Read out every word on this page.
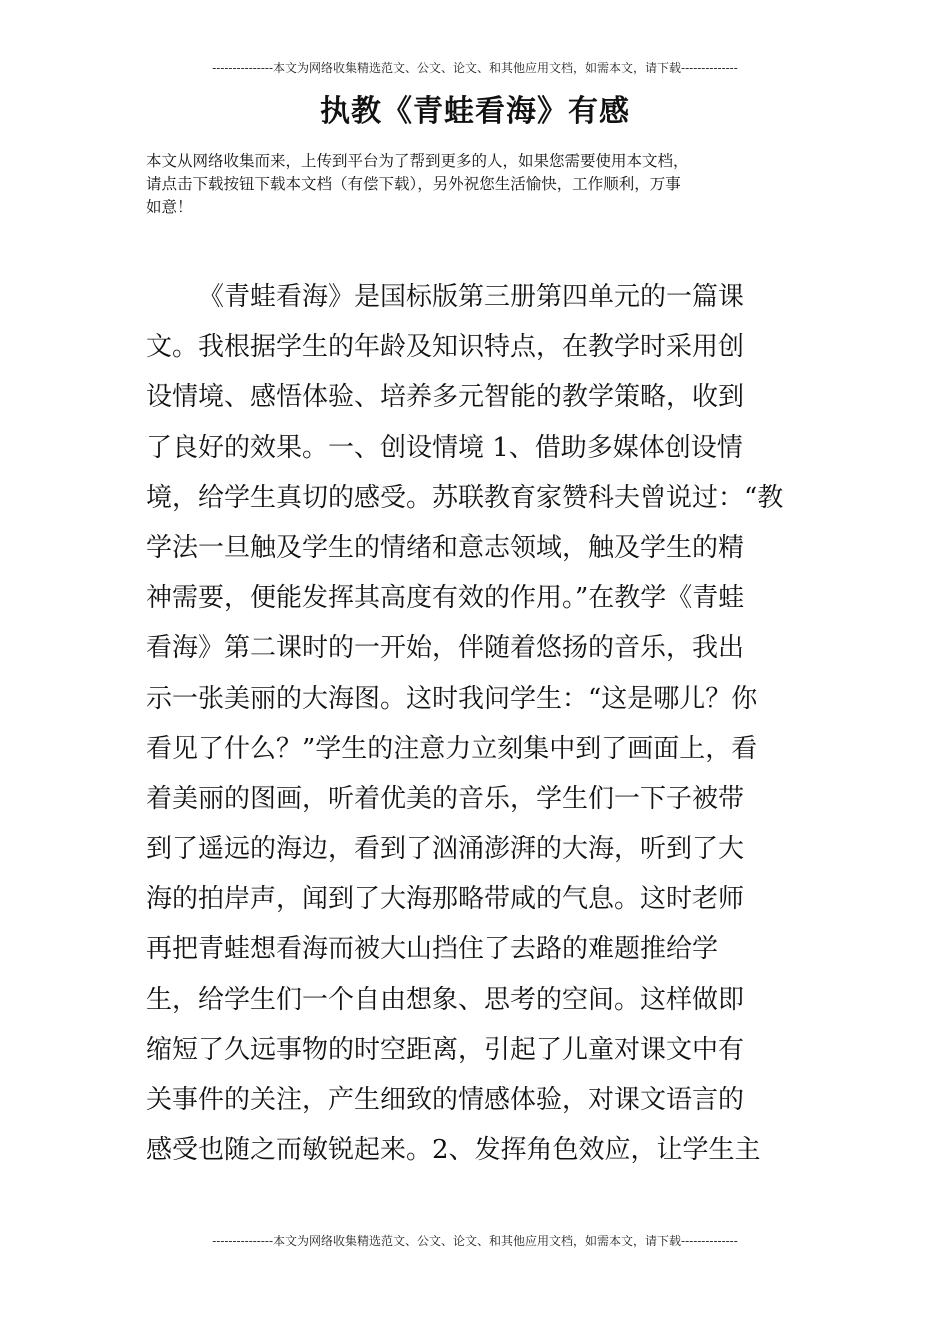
---------------本文为网络收集精选范文、公文、论文、和其他应用文档，如需本文，请下载--------------
执教《青蛙看海》有感
本文从网络收集而来，上传到平台为了帮到更多的人，如果您需要使用本文档，
请点击下载按钮下载本文档（有偿下载），另外祝您生活愉快，工作顺利，万事
如意！
《青蛙看海》是国标版第三册第四单元的一篇课
文。我根据学生的年龄及知识特点，在教学时采用创
设情境、感悟体验、培养多元智能的教学策略，收到
了良好的效果。一、创设情境 1、借助多媒体创设情
境，给学生真切的感受。苏联教育家赞科夫曾说过：“教
学法一旦触及学生的情绪和意志领域，触及学生的精
神需要，便能发挥其高度有效的作用。”在教学《青蛙
看海》第二课时的一开始，伴随着悠扬的音乐，我出
示一张美丽的大海图。这时我问学生：“这是哪儿？你
看见了什么？”学生的注意力立刻集中到了画面上，看
着美丽的图画，听着优美的音乐，学生们一下子被带
到了遥远的海边，看到了汹涌澎湃的大海，听到了大
海的拍岸声，闻到了大海那略带咸的气息。这时老师
再把青蛙想看海而被大山挡住了去路的难题推给学
生，给学生们一个自由想象、思考的空间。这样做即
缩短了久远事物的时空距离，引起了儿童对课文中有
关事件的关注，产生细致的情感体验，对课文语言的
感受也随之而敏锐起来。2、发挥角色效应，让学生主
---------------本文为网络收集精选范文、公文、论文、和其他应用文档，如需本文，请下载--------------
